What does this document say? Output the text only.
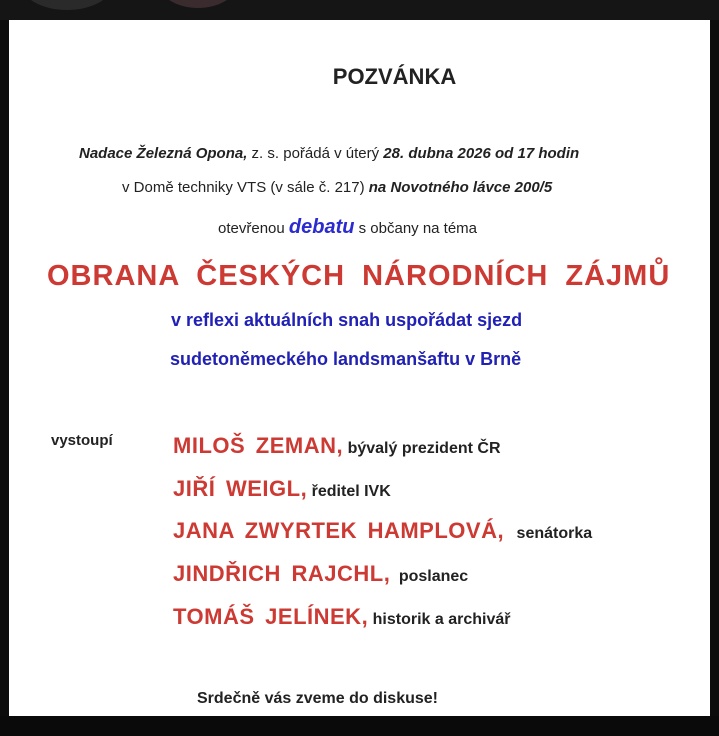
POZVÁNKA
Nadace Železná Opona, z. s. pořádá v úterý 28. dubna 2026 od 17 hodin
v Domě techniky VTS (v sále č. 217) na Novotného lávce 200/5
otevřenou debatu s občany na téma
OBRANA ČESKÝCH NÁRODNÍCH ZÁJMŮ
v reflexi aktuálních snah uspořádat sjezd
sudetoněmeckého landsmanšaftu v Brně
vystoupí	MILOŠ ZEMAN, bývalý prezident ČR
JIŘÍ WEIGL, ředitel IVK
JANA ZWYRTEK HAMPLOVÁ, senátorka
JINDŘICH RAJCHL, poslanec
TOMÁŠ JELÍNEK, historik a archivář
Srdečně vás zveme do diskuse!
